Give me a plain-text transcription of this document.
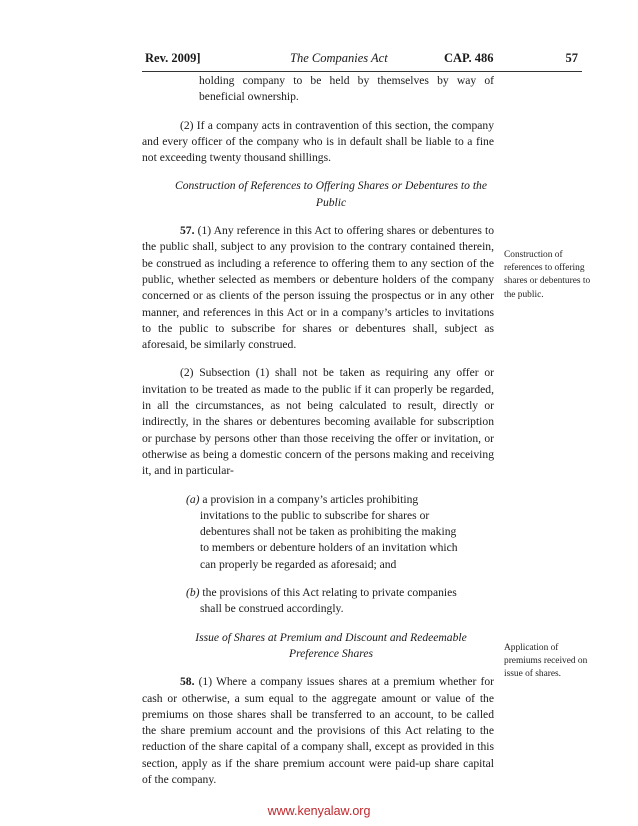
Rev. 2009]	The Companies Act	CAP. 486	57

holding company to be held by themselves by way of beneficial ownership.

(2) If a company acts in contravention of this section, the company and every officer of the company who is in default shall be liable to a fine not exceeding twenty thousand shillings.

Construction of References to Offering Shares or Debentures to the Public

57. (1) Any reference in this Act to offering shares or debentures to the public shall, subject to any provision to the contrary contained therein, be construed as including a reference to offering them to any section of the public, whether selected as members or debenture holders of the company concerned or as clients of the person issuing the prospectus or in any other manner, and references in this Act or in a company’s articles to invitations to the public to subscribe for shares or debentures shall, subject as aforesaid, be similarly construed.

(2) Subsection (1) shall not be taken as requiring any offer or invitation to be treated as made to the public if it can properly be regarded, in all the circumstances, as not being calculated to result, directly or indirectly, in the shares or debentures becoming available for subscription or purchase by persons other than those receiving the offer or invitation, or otherwise as being a domestic concern of the persons making and receiving it, and in particular-

(a) a provision in a company’s articles prohibiting invitations to the public to subscribe for shares or debentures shall not be taken as prohibiting the making to members or debenture holders of an invitation which can properly be regarded as aforesaid; and

(b) the provisions of this Act relating to private companies shall be construed accordingly.

Issue of Shares at Premium and Discount and Redeemable Preference Shares

58. (1) Where a company issues shares at a premium whether for cash or otherwise, a sum equal to the aggregate amount or value of the premiums on those shares shall be transferred to an account, to be called the share premium account and the provisions of this Act relating to the reduction of the share capital of a company shall, except as provided in this section, apply as if the share premium account were paid-up share capital of the company.

Construction of references to offering shares or debentures to the public.
Application of premiums received on issue of shares.
www.kenyalaw.org
